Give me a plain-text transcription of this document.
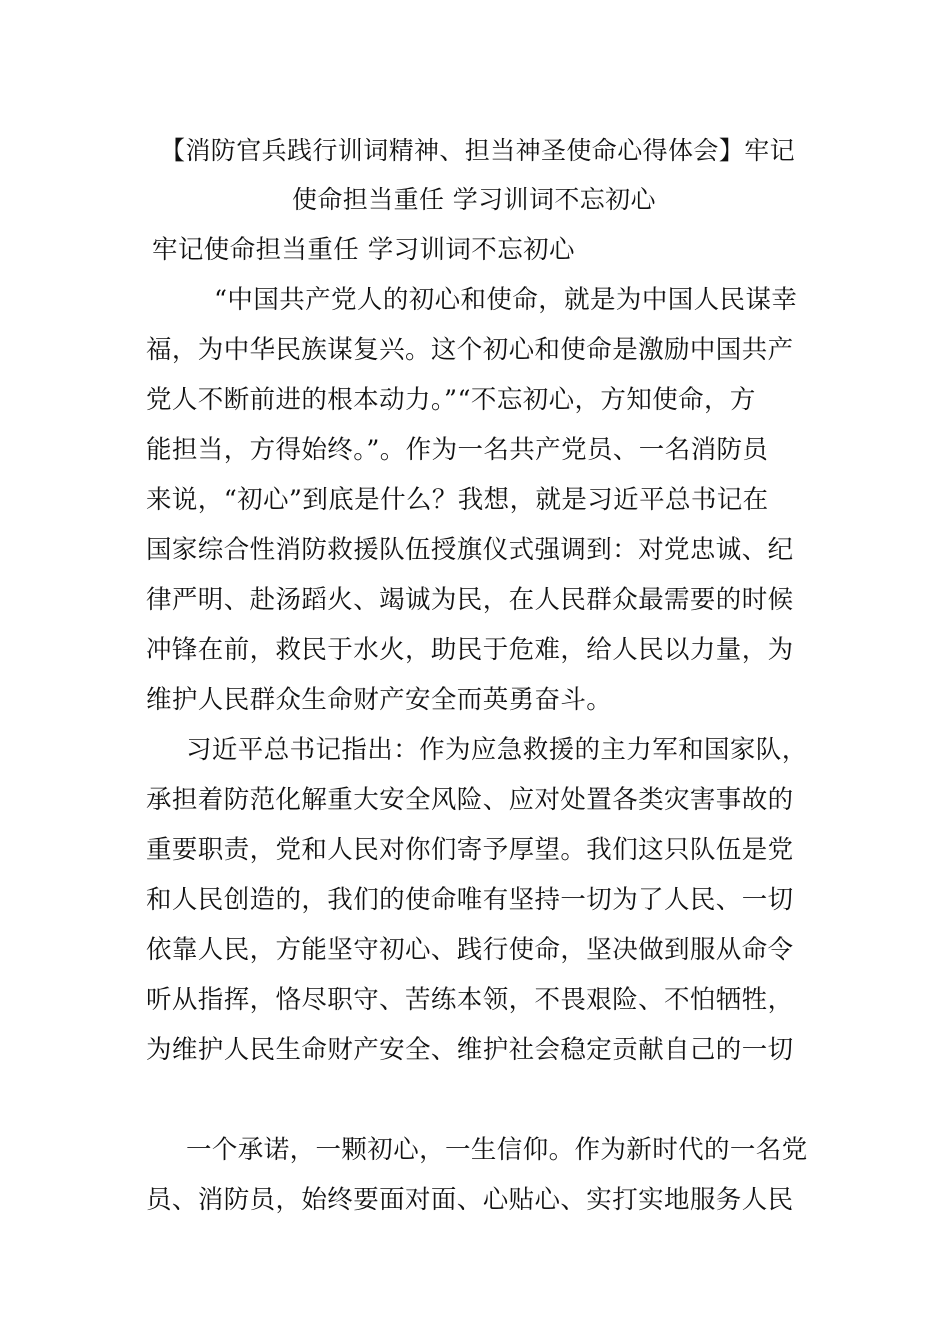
【消防官兵践行训词精神、担当神圣使命心得体会】牢记
使命担当重任 学习训词不忘初心
牢记使命担当重任 学习训词不忘初心
“中国共产党人的初心和使命，就是为中国人民谋幸
福，为中华民族谋复兴。这个初心和使命是激励中国共产
党人不断前进的根本动力。”“不忘初心，方知使命，方
能担当，方得始终。”。作为一名共产党员、一名消防员
来说，“初心”到底是什么？我想，就是习近平总书记在
国家综合性消防救援队伍授旗仪式强调到：对党忠诚、纪
律严明、赴汤蹈火、竭诚为民，在人民群众最需要的时候
冲锋在前，救民于水火，助民于危难，给人民以力量，为
维护人民群众生命财产安全而英勇奋斗。
习近平总书记指出：作为应急救援的主力军和国家队，
承担着防范化解重大安全风险、应对处置各类灾害事故的
重要职责，党和人民对你们寄予厚望。我们这只队伍是党
和人民创造的，我们的使命唯有坚持一切为了人民、一切
依靠人民，方能坚守初心、践行使命，坚决做到服从命令
听从指挥，恪尽职守、苦练本领，不畏艰险、不怕牺牲，
为维护人民生命财产安全、维护社会稳定贡献自己的一切
一个承诺，一颗初心，一生信仰。作为新时代的一名党
员、消防员，始终要面对面、心贴心、实打实地服务人民
